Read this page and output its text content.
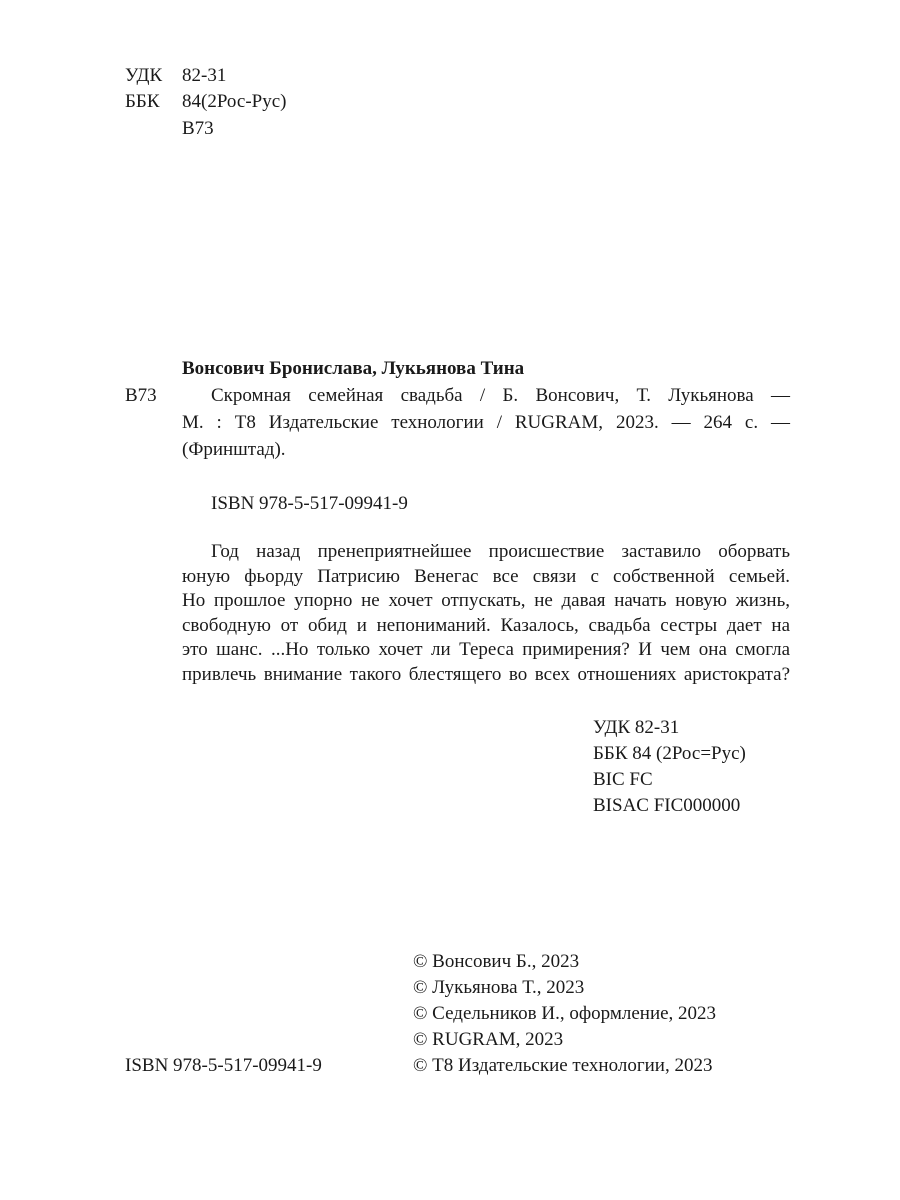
УДК 82-31
ББК 84(2Рос-Рус)
В73
Вонсович Бронислава, Лукьянова Тина
В73	Скромная семейная свадьба / Б. Вонсович, Т. Лукьянова —
М. : Т8 Издательские технологии / RUGRAM, 2023. — 264 с. —
(Фринштад).
ISBN 978-5-517-09941-9
Год назад пренеприятнейшее происшествие заставило оборвать
юную фьорду Патрисию Венегас все связи с собственной семьей.
Но прошлое упорно не хочет отпускать, не давая начать новую жизнь,
свободную от обид и непониманий. Казалось, свадьба сестры дает на
это шанс. ...Но только хочет ли Тереса примирения? И чем она смогла
привлечь внимание такого блестящего во всех отношениях аристократа?
УДК 82-31
ББК 84 (2Рос=Рус)
BIC FC
BISAC FIC000000
© Вонсович Б., 2023
© Лукьянова Т., 2023
© Седельников И., оформление, 2023
© RUGRAM, 2023
© Т8 Издательские технологии, 2023
ISBN 978-5-517-09941-9
